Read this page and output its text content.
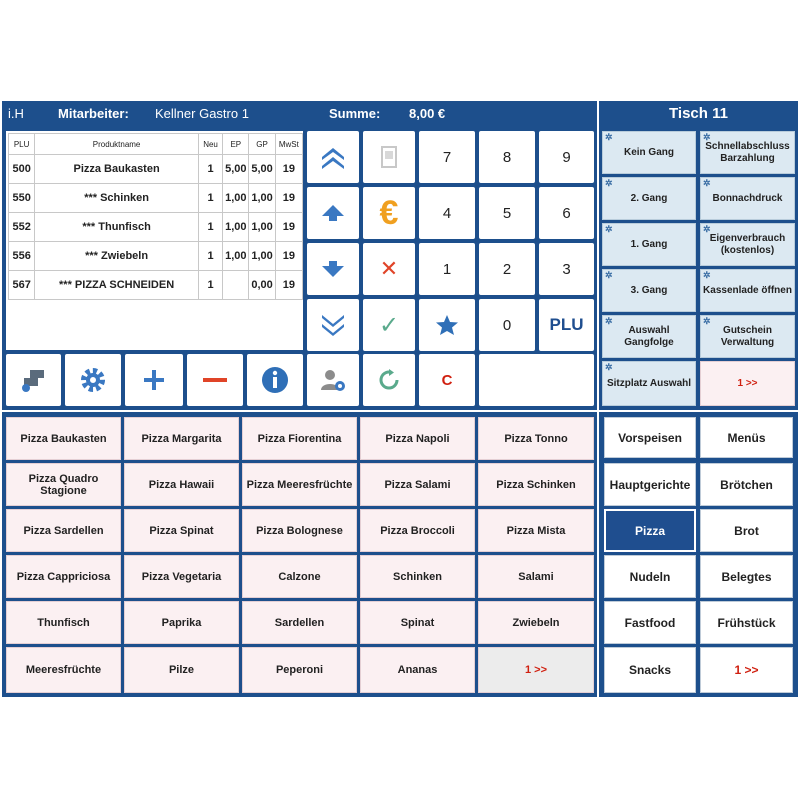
i.H	Mitarbeiter: Kellner Gastro 1	Summe: 8,00 €	Tisch 11
PLU	Produktname	Neu	EP	GP	MwSt
500	Pizza Baukasten	1	5,00	5,00	19
550	*** Schinken	1	1,00	1,00	19
552	*** Thunfisch	1	1,00	1,00	19
556	*** Zwiebeln	1	1,00	1,00	19
567	*** PIZZA SCHNEIDEN	1		0,00	19
€
✕
✓
7	8	9
4	5	6
1	2	3
0 PLU
C
✲
Kein Gang
✲
Schnellabschluss Barzahlung
✲
2. Gang
✲
Bonnachdruck
✲
1. Gang
✲
Eigenverbrauch (kostenlos)
✲
3. Gang
✲
Kassenlade öffnen
✲
Auswahl Gangfolge
✲
Gutschein Verwaltung
✲
Sitzplatz Auswahl	1 >>
Pizza Baukasten	Pizza Margarita	Pizza Fiorentina	Pizza Napoli	Pizza Tonno
Pizza Quadro Stagione	Pizza Hawaii	Pizza Meeresfrüchte	Pizza Salami	Pizza Schinken
Pizza Sardellen	Pizza Spinat	Pizza Bolognese	Pizza Broccoli	Pizza Mista
Pizza Cappriciosa	Pizza Vegetaria	Calzone	Schinken	Salami
Thunfisch	Paprika	Sardellen	Spinat	Zwiebeln
Meeresfrüchte	Pilze	Peperoni	Ananas	1 >>
Vorspeisen	Menüs
Hauptgerichte Brötchen
Pizza	Brot
Nudeln	Belegtes
Fastfood	Frühstück
Snacks	1 >>
